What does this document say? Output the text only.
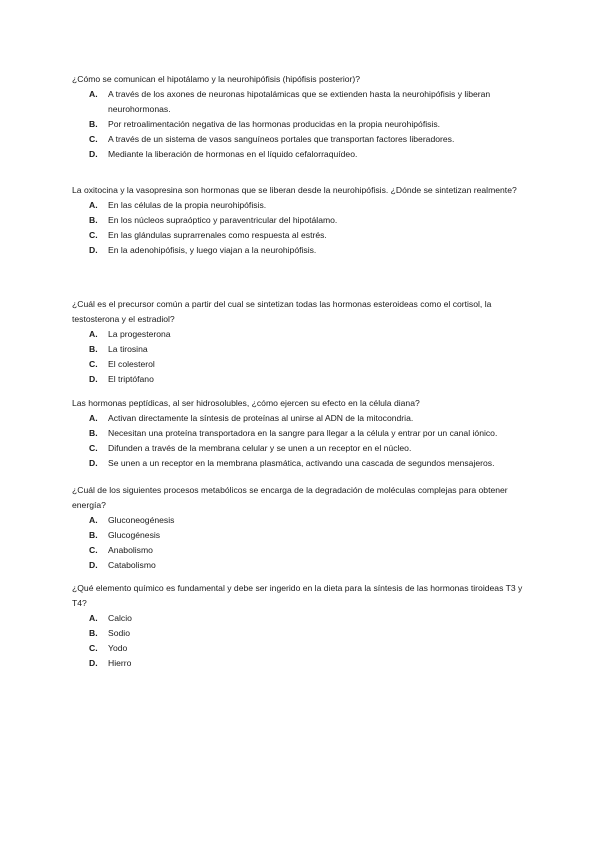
¿Cómo se comunican el hipotálamo y la neurohipófisis (hipófisis posterior)?

A. A través de los axones de neuronas hipotalámicas que se extienden hasta la neurohipófisis y liberan neurohormonas.
B. Por retroalimentación negativa de las hormonas producidas en la propia neurohipófisis.
C. A través de un sistema de vasos sanguíneos portales que transportan factores liberadores.
D. Mediante la liberación de hormonas en el líquido cefalorraquídeo.

La oxitocina y la vasopresina son hormonas que se liberan desde la neurohipófisis. ¿Dónde se sintetizan realmente?

A. En las células de la propia neurohipófisis.
B. En los núcleos supraóptico y paraventricular del hipotálamo.
C. En las glándulas suprarrenales como respuesta al estrés.
D. En la adenohipófisis, y luego viajan a la neurohipófisis.

¿Cuál es el precursor común a partir del cual se sintetizan todas las hormonas esteroideas como el cortisol, la testosterona y el estradiol?

A. La progesterona
B. La tirosina
C. El colesterol
D. El triptófano

Las hormonas peptídicas, al ser hidrosolubles, ¿cómo ejercen su efecto en la célula diana?

A. Activan directamente la síntesis de proteínas al unirse al ADN de la mitocondria.
B. Necesitan una proteína transportadora en la sangre para llegar a la célula y entrar por un canal iónico.
C. Difunden a través de la membrana celular y se unen a un receptor en el núcleo.
D. Se unen a un receptor en la membrana plasmática, activando una cascada de segundos mensajeros.

¿Cuál de los siguientes procesos metabólicos se encarga de la degradación de moléculas complejas para obtener energía?

A. Gluconeogénesis
B. Glucogénesis
C. Anabolismo
D. Catabolismo

¿Qué elemento químico es fundamental y debe ser ingerido en la dieta para la síntesis de las hormonas tiroideas T3 y T4?

A. Calcio
B. Sodio
C. Yodo
D. Hierro
